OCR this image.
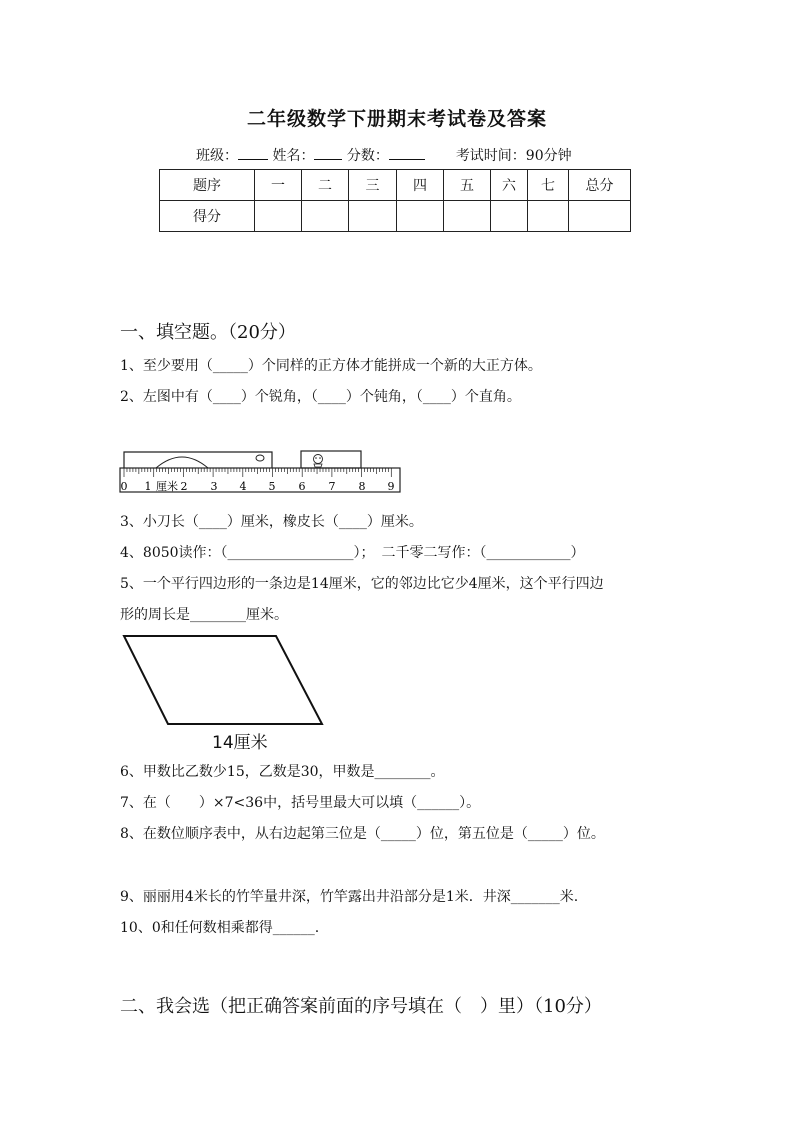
二年级数学下册期末考试卷及答案
班级： 姓名： 分数：	考试时间：90分钟
题序	一	二	三	四	五	六	七	总分
得分								
一、填空题。（20分）
1、至少要用（_____）个同样的正方体才能拼成一个新的大正方体。
2、左图中有（____）个锐角，（____）个钝角，（____）个直角。
0 1 厘米 2 3 4 5 6 7 8 9
3、小刀长（____）厘米，橡皮长（____）厘米。
4、8050读作：（__________________）；　二千零二写作：（____________）
5、一个平行四边形的一条边是14厘米，它的邻边比它少4厘米，这个平行四边
形的周长是________厘米。
14厘米
6、甲数比乙数少15，乙数是30，甲数是________。
7、在（　　）×7<36中，括号里最大可以填（______）。
8、在数位顺序表中，从右边起第三位是（_____）位，第五位是（_____）位。
9、丽丽用4米长的竹竿量井深，竹竿露出井沿部分是1米．井深_______米.
10、0和任何数相乘都得______.
二、我会选（把正确答案前面的序号填在（　）里）（10分）
